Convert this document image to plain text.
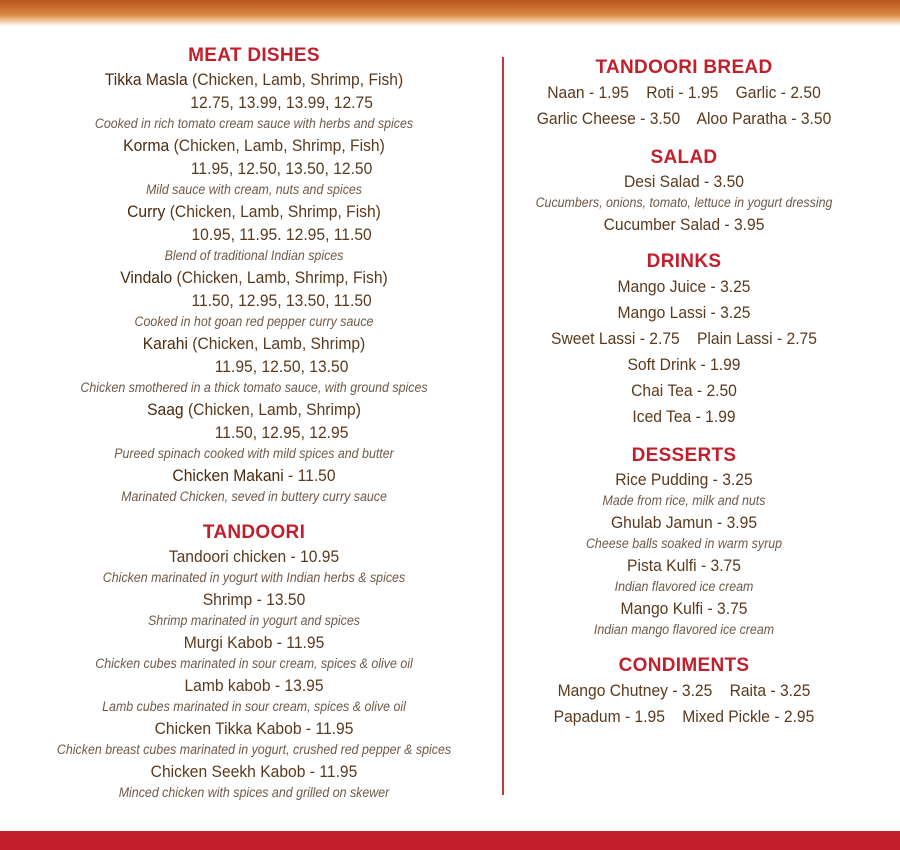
MEAT DISHES
Tikka Masla (Chicken, Lamb, Shrimp, Fish)
12.75, 13.99, 13.99, 12.75
Cooked in rich tomato cream sauce with herbs and spices
Korma (Chicken, Lamb, Shrimp, Fish)
11.95, 12.50, 13.50, 12.50
Mild sauce with cream, nuts and spices
Curry (Chicken, Lamb, Shrimp, Fish)
10.95, 11.95. 12.95, 11.50
Blend of traditional Indian spices
Vindalo (Chicken, Lamb, Shrimp, Fish)
11.50, 12.95, 13.50, 11.50
Cooked in hot goan red pepper curry sauce
Karahi (Chicken, Lamb, Shrimp)
11.95, 12.50, 13.50
Chicken smothered in a thick tomato sauce, with ground spices
Saag (Chicken, Lamb, Shrimp)
11.50, 12.95, 12.95
Pureed spinach cooked with mild spices and butter
Chicken Makani - 11.50
Marinated Chicken, seved in buttery curry sauce
TANDOORI
Tandoori chicken - 10.95
Chicken marinated in yogurt with Indian herbs & spices
Shrimp - 13.50
Shrimp marinated in yogurt and spices
Murgi Kabob - 11.95
Chicken cubes marinated in sour cream, spices & olive oil
Lamb kabob - 13.95
Lamb cubes marinated in sour cream, spices & olive oil
Chicken Tikka Kabob - 11.95
Chicken breast cubes marinated in yogurt, crushed red pepper & spices
Chicken Seekh Kabob - 11.95
Minced chicken with spices and grilled on skewer
TANDOORI BREAD
Naan - 1.95 Roti - 1.95 Garlic - 2.50
Garlic Cheese - 3.50 Aloo Paratha - 3.50
SALAD
Desi Salad - 3.50
Cucumbers, onions, tomato, lettuce in yogurt dressing
Cucumber Salad - 3.95
DRINKS
Mango Juice - 3.25
Mango Lassi - 3.25
Sweet Lassi - 2.75 Plain Lassi - 2.75
Soft Drink - 1.99
Chai Tea - 2.50
Iced Tea - 1.99
DESSERTS
Rice Pudding - 3.25
Made from rice, milk and nuts
Ghulab Jamun - 3.95
Cheese balls soaked in warm syrup
Pista Kulfi - 3.75
Indian flavored ice cream
Mango Kulfi - 3.75
Indian mango flavored ice cream
CONDIMENTS
Mango Chutney - 3.25 Raita - 3.25
Papadum - 1.95 Mixed Pickle - 2.95
